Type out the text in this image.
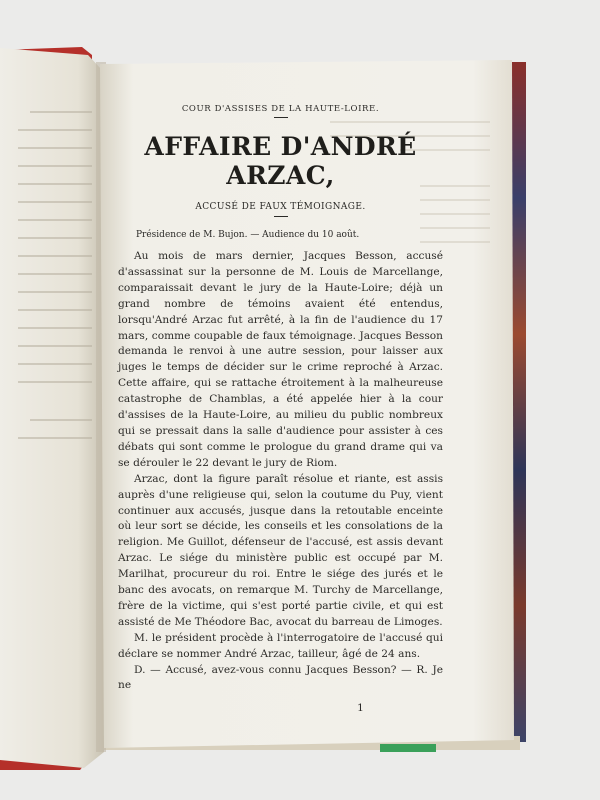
COUR D'ASSISES DE LA HAUTE-LOIRE.
AFFAIRE D'ANDRÉ ARZAC,
ACCUSÉ DE FAUX TÉMOIGNAGE.
Présidence de M. Bujon. — Audience du 10 août.

Au mois de mars dernier, Jacques Besson, accusé d'assassinat sur la personne de M. Louis de Marcellange, comparaissait devant le jury de la Haute-Loire; déjà un grand nombre de témoins avaient été entendus, lorsqu'André Arzac fut arrêté, à la fin de l'audience du 17 mars, comme coupable de faux témoignage. Jacques Besson demanda le renvoi à une autre session, pour laisser aux juges le temps de décider sur le crime reproché à Arzac. Cette affaire, qui se rattache étroitement à la malheureuse catastrophe de Chamblas, a été appelée hier à la cour d'assises de la Haute-Loire, au milieu du public nombreux qui se pressait dans la salle d'audience pour assister à ces débats qui sont comme le prologue du grand drame qui va se dérouler le 22 devant le jury de Riom.

Arzac, dont la figure paraît résolue et riante, est assis auprès d'une religieuse qui, selon la coutume du Puy, vient continuer aux accusés, jusque dans la retoutable enceinte où leur sort se décide, les conseils et les consolations de la religion. Me Guillot, défenseur de l'accusé, est assis devant Arzac. Le siége du ministère public est occupé par M. Marilhat, procureur du roi. Entre le siége des jurés et le banc des avocats, on remarque M. Turchy de Marcellange, frère de la victime, qui s'est porté partie civile, et qui est assisté de Me Théodore Bac, avocat du barreau de Limoges.

M. le président procède à l'interrogatoire de l'accusé qui déclare se nommer André Arzac, tailleur, âgé de 24 ans.

D. — Accusé, avez-vous connu Jacques Besson? — R. Je ne

1
